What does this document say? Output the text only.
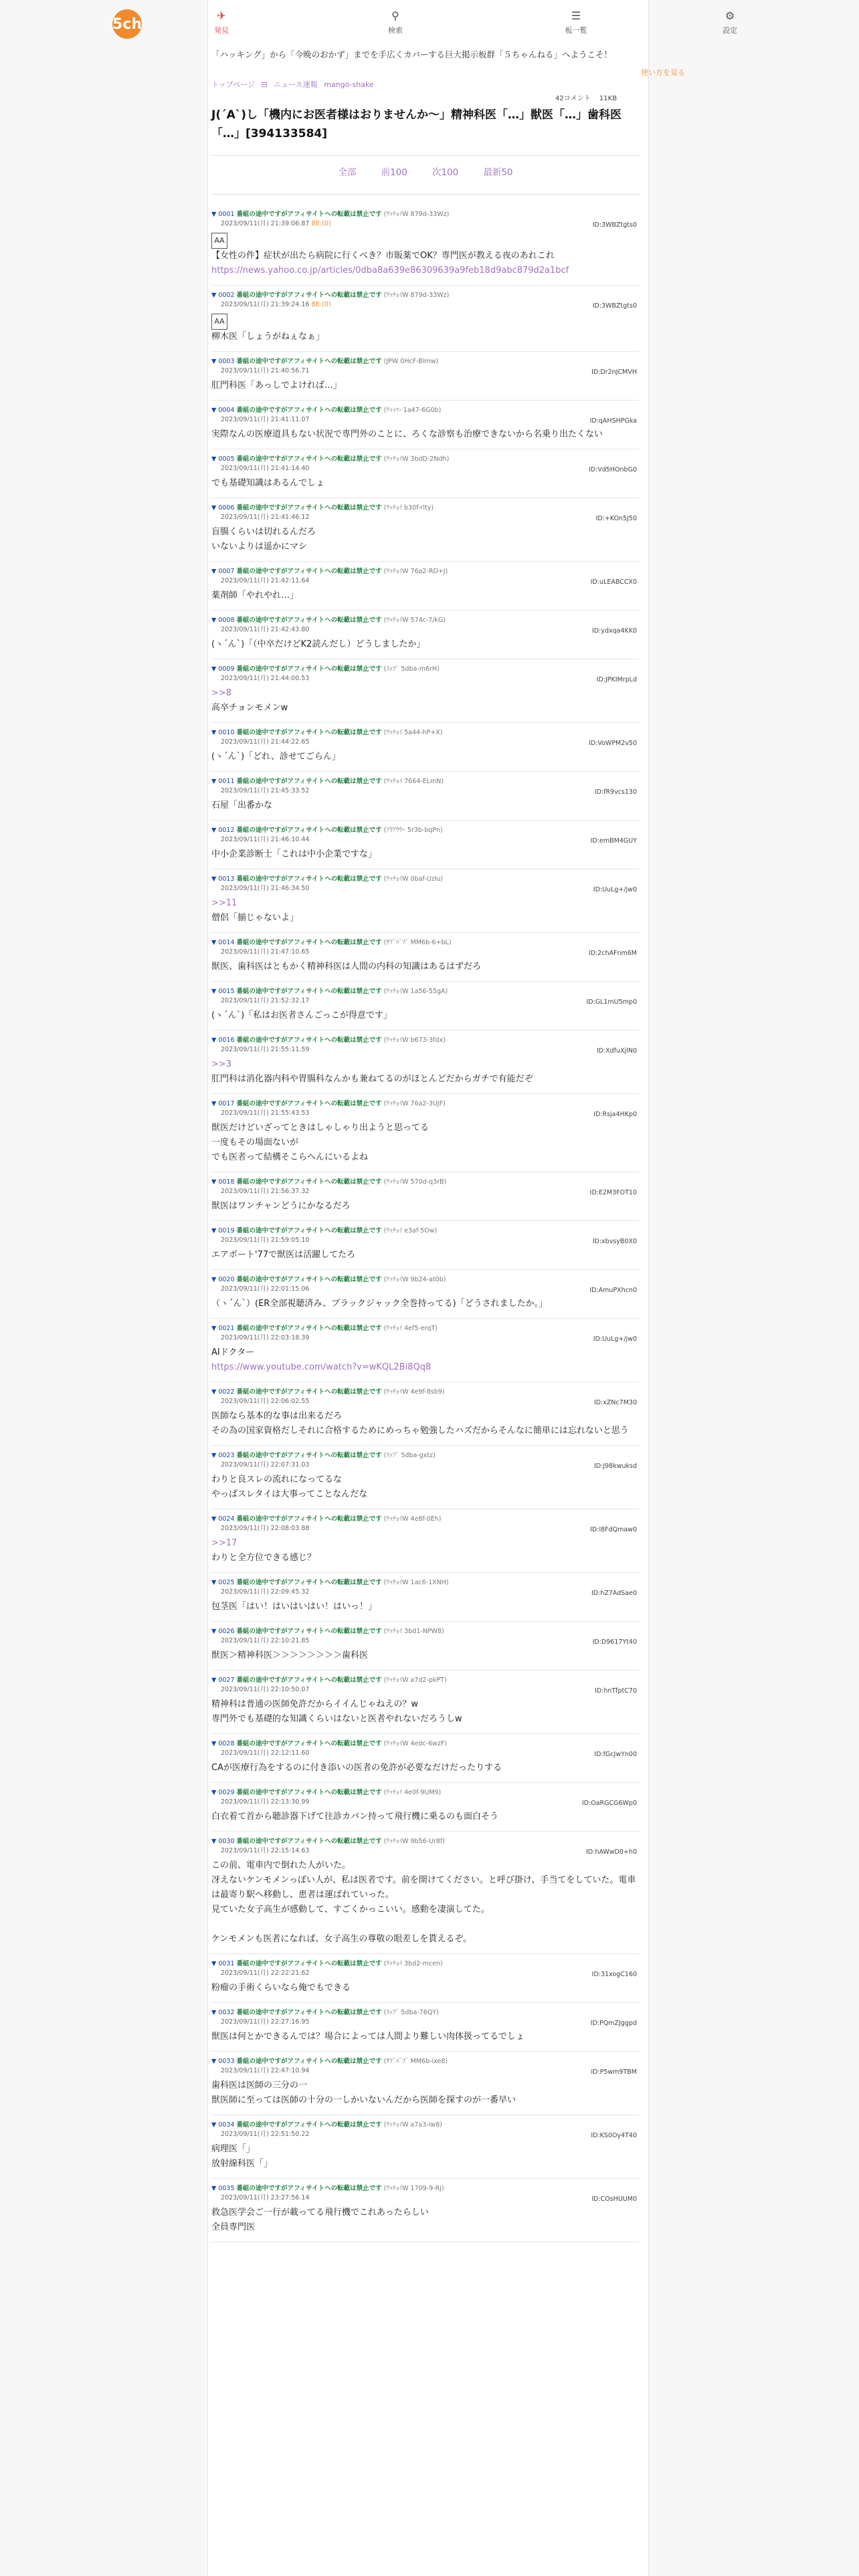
5ch	✈
発見
⚲
検索
☰
板一覧
⚙
設定
「ハッキング」から「今晩のおかず」までを手広くカバーする巨大掲示板群「５ちゃんねる」へようこそ！
使い方を見る
トップページ ⊟ ニュース速報 mango-shake
42コメント 11KB
J(´A`)し「機内にお医者様はおりませんか～」精神科医「…」獣医「…」歯科医「…」[394133584]
全部	前100	次100	最新50
▼ 0001 番組の途中ですがアフィサイトへの転載は禁止です (ﾜｯﾁｮｲW 879d-33Wz)
2023/09/11(月) 21:39:06.87 BE:(0)	ID:3WBZtgts0
AA
【女性の件】症状が出たら病院に行くべき？市販薬でOK？専門医が教える夜のあれこれ
https://news.yahoo.co.jp/articles/0dba8a639e86309639a9feb18d9abc879d2a1bcf
▼ 0002 番組の途中ですがアフィサイトへの転載は禁止です (ﾜｯﾁｮｲW 879d-33Wz)
2023/09/11(月) 21:39:24.16 BE:(0)	ID:3WBZtgts0
AA
柳木医「しょうがねぇなぁ」
▼ 0003 番組の途中ですがアフィサイトへの転載は禁止です (JPW 0HcF-Blmw)
2023/09/11(月) 21:40:56.71	ID:Dr2nJCMVH
肛門科医「あっしでよければ…」
▼ 0004 番組の途中ですがアフィサイトへの転載は禁止です (ﾜｯｯﾏ- 1a47-6G0b)
2023/09/11(月) 21:41:11.07	ID:qAHSHPGka
実際なんの医療道具もない状況で専門外のことに、ろくな診察も治療できないから名乗り出たくない
▼ 0005 番組の途中ですがアフィサイトへの転載は禁止です (ﾜｯﾁｮｲW 3bdD-2Ndh)
2023/09/11(月) 21:41:14.40	ID:Vd5HOnbG0
でも基礎知識はあるんでしょ
▼ 0006 番組の途中ですがアフィサイトへの転載は禁止です (ﾜｯﾁｮｲ b30f-rlty)
2023/09/11(月) 21:41:46.12	ID:+KOn5J50
盲腸くらいは切れるんだろ
いないよりは遥かにマシ
▼ 0007 番組の途中ですがアフィサイトへの転載は禁止です (ﾜｯﾁｮｲW 76a2-RD+J)
2023/09/11(月) 21:42:11.64	ID:uLEABCCX0
薬剤師「やれやれ…」
▼ 0008 番組の途中ですがアフィサイトへの転載は禁止です (ﾜｯﾁｮｲW 574c-7/kG)
2023/09/11(月) 21:42:43.80	ID:ydxqa4KK0
(ヽ´ん`)「（中卒だけどK2読んだし）どうしましたか」
▼ 0009 番組の途中ですがアフィサイトへの転載は禁止です (ｽｯﾌﾟ 5dba-m6rH)
2023/09/11(月) 21:44:00.53	ID:JPKIMrpLd
>>8
高卒チョンモメンw
▼ 0010 番組の途中ですがアフィサイトへの転載は禁止です (ﾜｯﾁｮｲ 5a44-hP+X)
2023/09/11(月) 21:44:22.65	ID:VoWPM2v50
(ヽ´ん`)「どれ、診せてごらん」
▼ 0011 番組の途中ですがアフィサイトへの転載は禁止です (ﾜｯﾁｮｲ 7664-ELmN)
2023/09/11(月) 21:45:33.52	ID:fR9vcs130
石屋「出番かな
▼ 0012 番組の途中ですがアフィサイトへの転載は禁止です (ｱｳｱｳｳｰ 5r3b-bqPn)
2023/09/11(月) 21:46:10.44	ID:emBM4GUY
中小企業診断士「これは中小企業ですな」
▼ 0013 番組の途中ですがアフィサイトへの転載は禁止です (ﾜｯﾁｮｲW 0baf-UzIu)
2023/09/11(月) 21:46:34.50	ID:UuLg+/jw0
>>11
僧侶「揃じゃないよ」
▼ 0014 番組の途中ですがアフィサイトへの転載は禁止です (ｻﾌﾞﾊﾞﾌﾞ MM6b-6+bL)
2023/09/11(月) 21:47:10.65	ID:2chAFnm6M
獣医、歯科医はともかく精神科医は人間の内科の知識はあるはずだろ
▼ 0015 番組の途中ですがアフィサイトへの転載は禁止です (ﾜｯﾁｮｲW 1a56-55gA)
2023/09/11(月) 21:52:32.17	ID:GL1mU5mp0
(ヽ´ん`)「私はお医者さんごっこが得意です」
▼ 0016 番組の途中ですがアフィサイトへの転載は禁止です (ﾜｯﾁｮｲW b673-3fdx)
2023/09/11(月) 21:55:11.59	ID:XdfuXjlN0
>>3
肛門科は消化器内科や胃腸科なんかも兼ねてるのがほとんどだからガチで有能だぞ
▼ 0017 番組の途中ですがアフィサイトへの転載は禁止です (ﾜｯﾁｮｲW 76a2-3UJF)
2023/09/11(月) 21:55:43.53	ID:Rsja4HKp0
獣医だけどいざってときはしゃしゃり出ようと思ってる
一度もその場面ないが
でも医者って結構そこらへんにいるよね
▼ 0018 番組の途中ですがアフィサイトへの転載は禁止です (ﾜｯﾁｮｲW 570d-q3rB)
2023/09/11(月) 21:56:37.32	ID:E2M3FOT10
獣医はワンチャンどうにかなるだろ
▼ 0019 番組の途中ですがアフィサイトへの転載は禁止です (ﾜｯﾁｮｲ e3af-5Ow)
2023/09/11(月) 21:59:05.10	ID:xbvsyB0X0
エアポート'77で獣医は活躍してたろ
▼ 0020 番組の途中ですがアフィサイトへの転載は禁止です (ﾜｯﾁｮｲW 9b24-at0b)
2023/09/11(月) 22:01:15.06	ID:AmuPXhcn0
（ヽ´ん`）(ER全部視聴済み、ブラックジャック全巻持ってる)「どうされましたか。」
▼ 0021 番組の途中ですがアフィサイトへの転載は禁止です (ﾜｯﾁｮｲ 4ef5-erqT)
2023/09/11(月) 22:03:18.39	ID:UuLg+/jw0
AIドクター
https://www.youtube.com/watch?v=wKQL2Bi8Qq8
▼ 0022 番組の途中ですがアフィサイトへの転載は禁止です (ﾜｯﾁｮｲW 4e9f-8sb9)
2023/09/11(月) 22:06:02.55	ID:xZNc7M30
医師なら基本的な事は出来るだろ
その為の国家資格だしそれに合格するためにめっちゃ勉強したハズだからそんなに簡単には忘れないと思う
▼ 0023 番組の途中ですがアフィサイトへの転載は禁止です (ｽｯﾌﾟ 5dba-gxtz)
2023/09/11(月) 22:07:31.03	ID:J98kwuksd
わりと良スレの流れになってるな
やっぱスレタイは大事ってことなんだな
▼ 0024 番組の途中ですがアフィサイトへの転載は禁止です (ﾜｯﾁｮｲW 4e8f-0Eh)
2023/09/11(月) 22:08:03.88	ID:l8FdQmaw0
>>17
わりと全方位できる感じ？
▼ 0025 番組の途中ですがアフィサイトへの転載は禁止です (ﾜｯﾁｮｲW 1ac6-1XNH)
2023/09/11(月) 22:09:45.32	ID:hZ7AdSae0
包茎医「はい！はいはいはい！はいっ！」
▼ 0026 番組の途中ですがアフィサイトへの転載は禁止です (ﾜｯﾁｮｲ 3bd1-NPW8)
2023/09/11(月) 22:10:21.85	ID:D9617Yt40
獣医＞精神科医＞＞＞＞＞＞＞＞歯科医
▼ 0027 番組の途中ですがアフィサイトへの転載は禁止です (ﾜｯﾁｮｲW a7d2-pkPT)
2023/09/11(月) 22:10:50.07	ID:hnTfptC70
精神科は普通の医師免許だからイイんじゃねえの？w
専門外でも基礎的な知識くらいはないと医者やれないだろうしw
▼ 0028 番組の途中ですがアフィサイトへの転載は禁止です (ﾜｯﾁｮｲW 4edc-6wzF)
2023/09/11(月) 22:12:11.60	ID:fGcJwYn00
CAが医療行為をするのに付き添いの医者の免許が必要なだけだったりする
▼ 0029 番組の途中ですがアフィサイトへの転載は禁止です (ﾜｯﾁｮｲ 4e0f-9UM9)
2023/09/11(月) 22:13:30.99	ID:OaRGCG6Wp0
白衣着て首から聴診器下げて往診カバン持って飛行機に乗るのも面白そう
▼ 0030 番組の途中ですがアフィサイトへの転載は禁止です (ﾜｯﾁｮｲW 9b56-Ur8f)
2023/09/11(月) 22:15:14.63	ID:hAWwD0+h0
この前、電車内で倒れた人がいた。
冴えないケンモメンっぽい人が、私は医者です。前を開けてください。と呼び掛け、手当てをしていた。電車は最寄り駅へ移動し、患者は運ばれていった。
見ていた女子高生が感動して、すごくかっこいい。感動を凄演してた。
ケンモメンも医者になれば、女子高生の尊敬の眼差しを貰えるぞ。
▼ 0031 番組の途中ですがアフィサイトへの転載は禁止です (ﾜｯﾁｮｲ 3bd2-mcen)
2023/09/11(月) 22:22:21.62	ID:31xogC160
粉瘤の手術くらいなら俺でもできる
▼ 0032 番組の途中ですがアフィサイトへの転載は禁止です (ｽｯﾌﾟ 5dba-76QY)
2023/09/11(月) 22:27:16.95	ID:PQmZJggpd
獣医は何とかできるんでは？場合によっては人間より難しい肉体扱ってるでしょ
▼ 0033 番組の途中ですがアフィサイトへの転載は禁止です (ｻﾌﾞﾊﾞﾌﾞ MM6b-ixe8)
2023/09/11(月) 22:47:10.94	ID:P5wm9TBM
歯科医は医師の三分の一
獣医師に至っては医師の十分の一しかいないんだから医師を探すのが一番早い
▼ 0034 番組の途中ですがアフィサイトへの転載は禁止です (ﾜｯﾁｮｲW a7a3-Iw8)
2023/09/11(月) 22:51:50.22	ID:KS0Oy4T40
病理医「」
放射線科医「」
▼ 0035 番組の途中ですがアフィサイトへの転載は禁止です (ﾜｯﾁｮｲW 1709-9-Rj)
2023/09/11(月) 23:27:56.14	ID:COsHUUM0
救急医学会ご一行が載ってる飛行機でこれあったらしい
全員専門医
